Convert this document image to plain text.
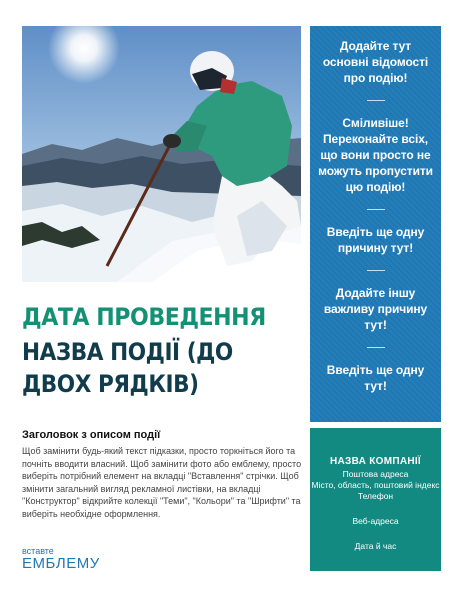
Додайте тут основні відомості про подію!
Сміливіше! Переконайте всіх, що вони просто не можуть пропустити цю подію!
Введіть ще одну причину тут!
Додайте іншу важливу причину тут!
Введіть ще одну тут!
НАЗВА КОМПАНІЇ
Поштова адреса
Місто, область, поштовий індекс
Телефон
Веб-адреса
Дата й час
ДАТА ПРОВЕДЕННЯ
НАЗВА ПОДІЇ (ДО ДВОХ РЯДКІВ)
Заголовок з описом події
Щоб замінити будь-який текст підказки, просто торкніться його та почніть вводити власний. Щоб замінити фото або емблему, просто виберіть потрібний елемент на вкладці "Вставлення" стрічки. Щоб змінити загальний вигляд рекламної листівки, на вкладці "Конструктор" відкрийте колекції "Теми", "Кольори" та "Шрифти" та виберіть необхідне оформлення.
вставте
ЕМБЛЕМУ
